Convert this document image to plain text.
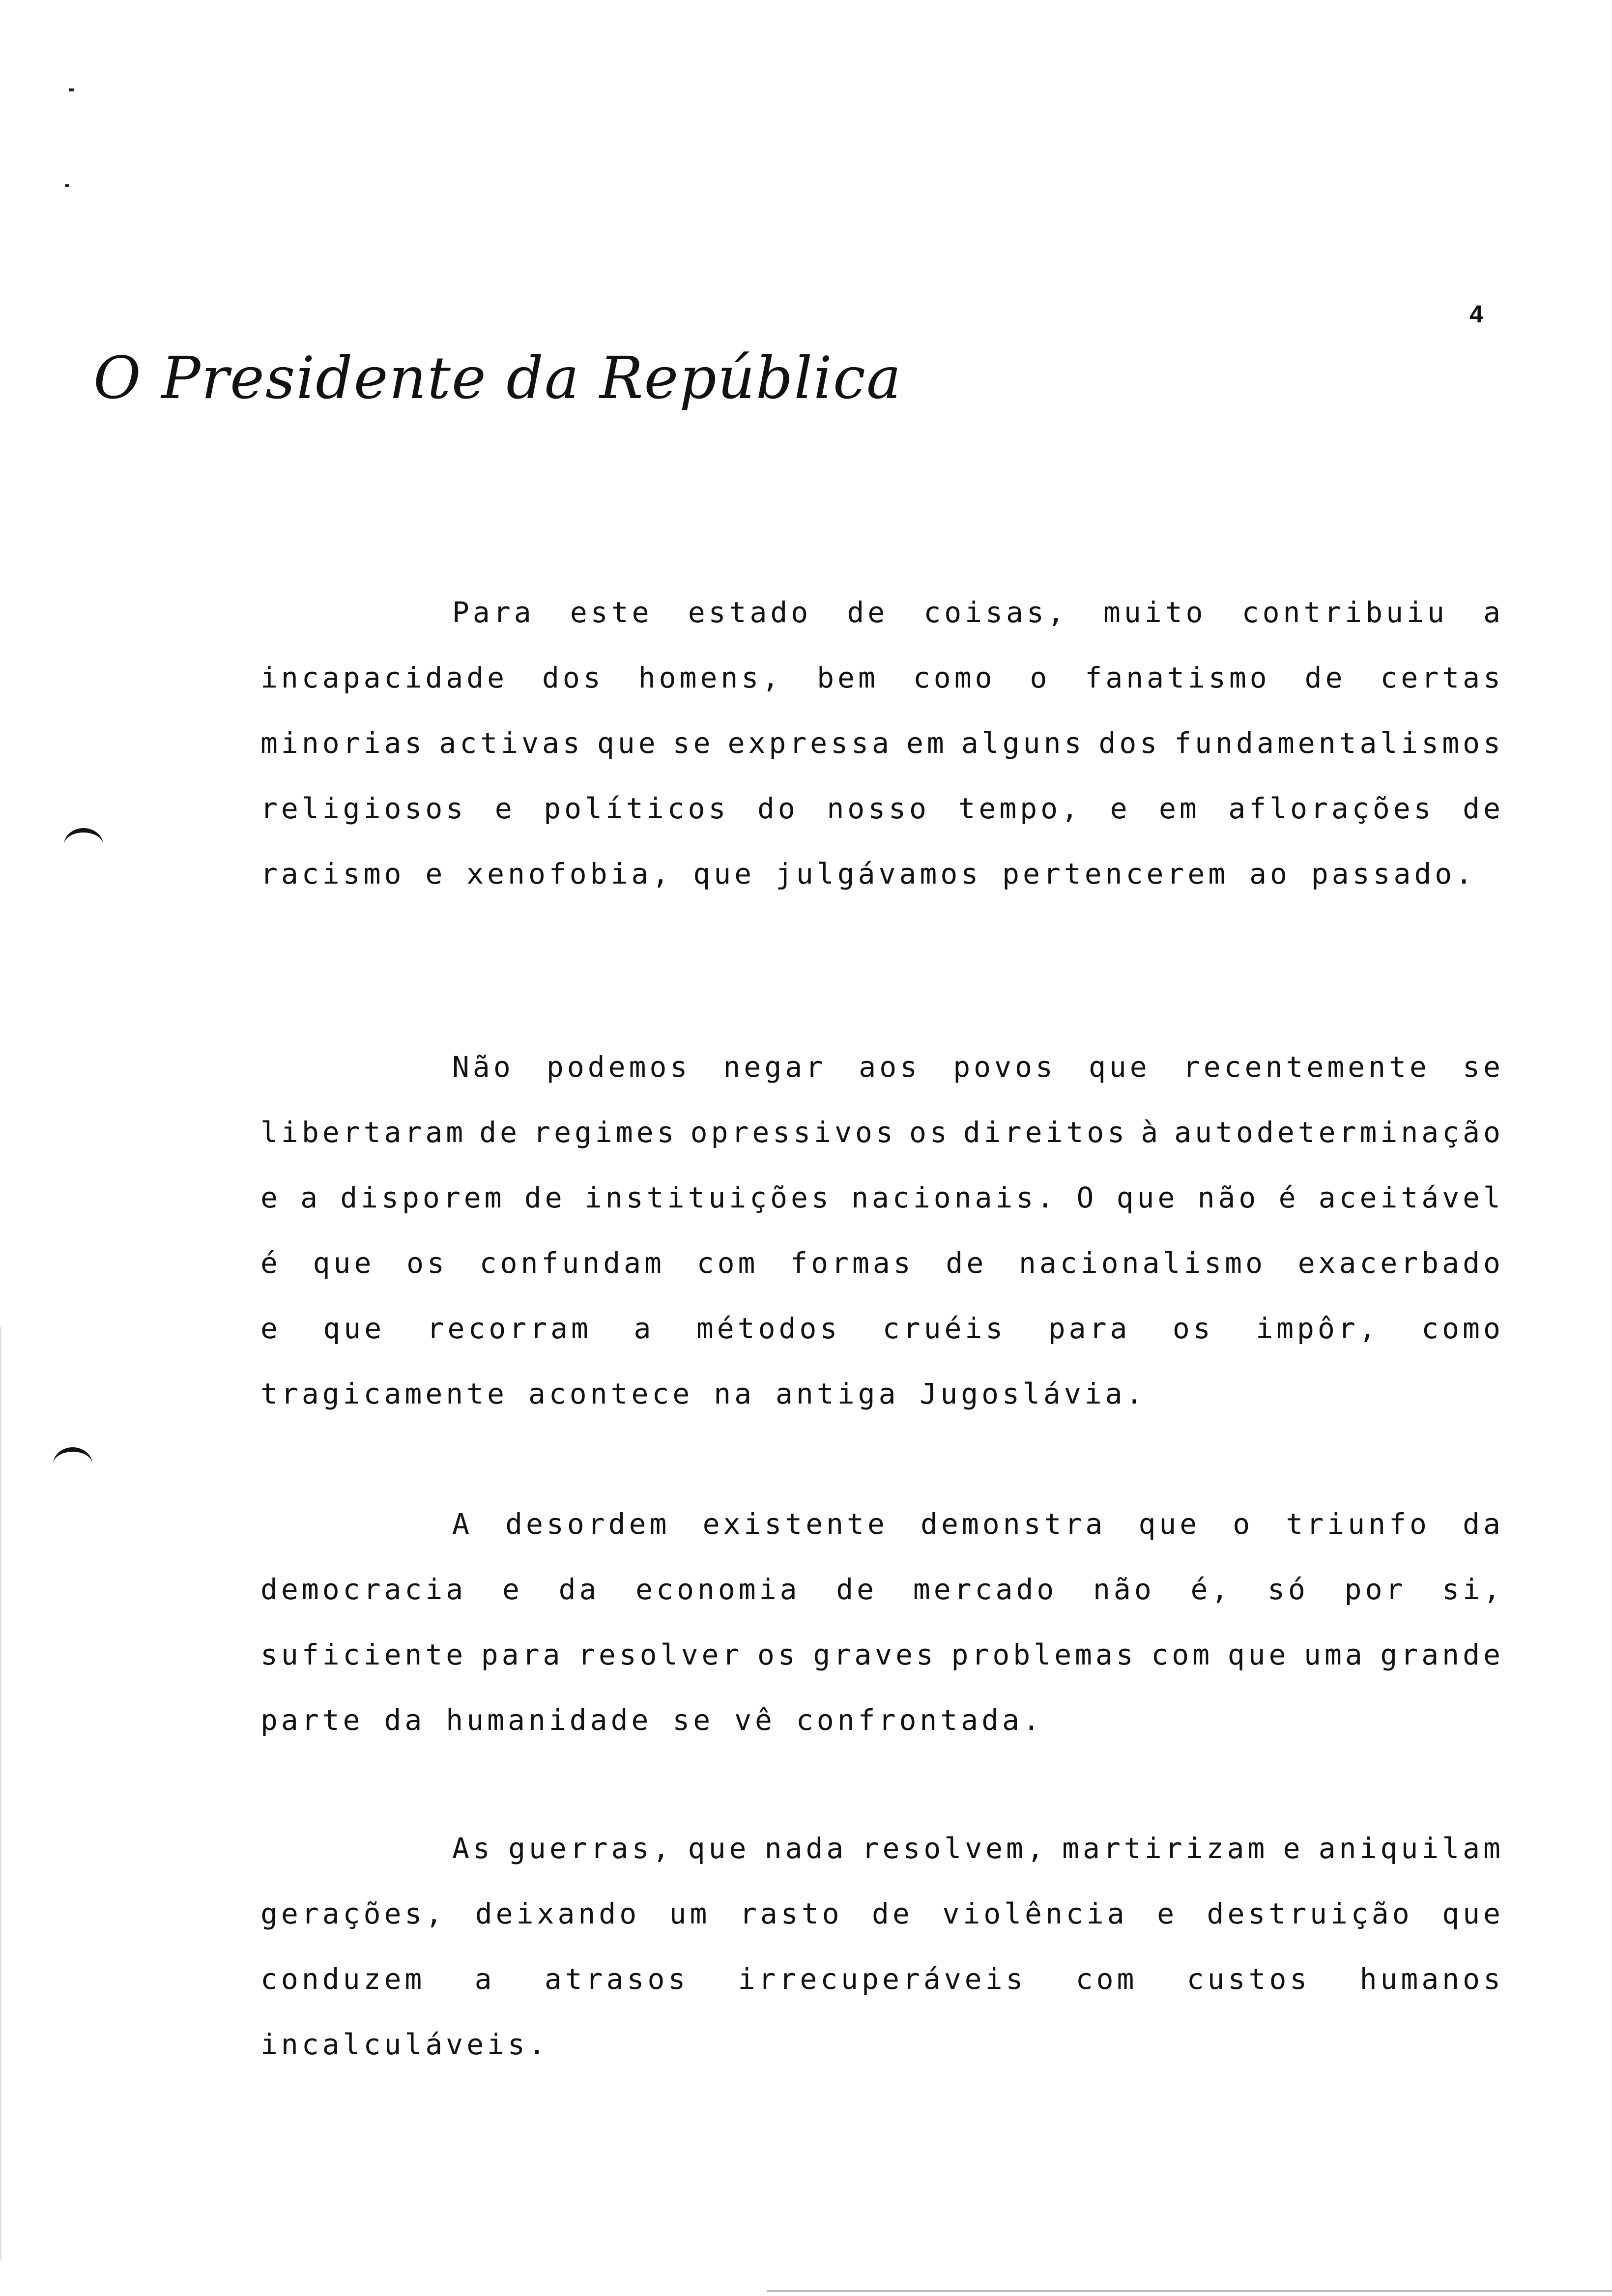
4
O Presidente da República
Para este estado de coisas, muito contribuiu a
incapacidade dos homens, bem como o fanatismo de certas
minorias activas que se expressa em alguns dos fundamentalismos
religiosos e políticos do nosso tempo, e em aflorações de
racismo e xenofobia, que julgávamos pertencerem ao passado.
Não podemos negar aos povos que recentemente se
libertaram de regimes opressivos os direitos à autodeterminação
e a disporem de instituições nacionais. O que não é aceitável
é que os confundam com formas de nacionalismo exacerbado
e que recorram a métodos cruéis para os impôr, como
tragicamente acontece na antiga Jugoslávia.
A desordem existente demonstra que o triunfo da
democracia e da economia de mercado não é, só por si,
suficiente para resolver os graves problemas com que uma grande
parte da humanidade se vê confrontada.
As guerras, que nada resolvem, martirizam e aniquilam
gerações, deixando um rasto de violência e destruição que
conduzem a atrasos irrecuperáveis com custos humanos
incalculáveis.
